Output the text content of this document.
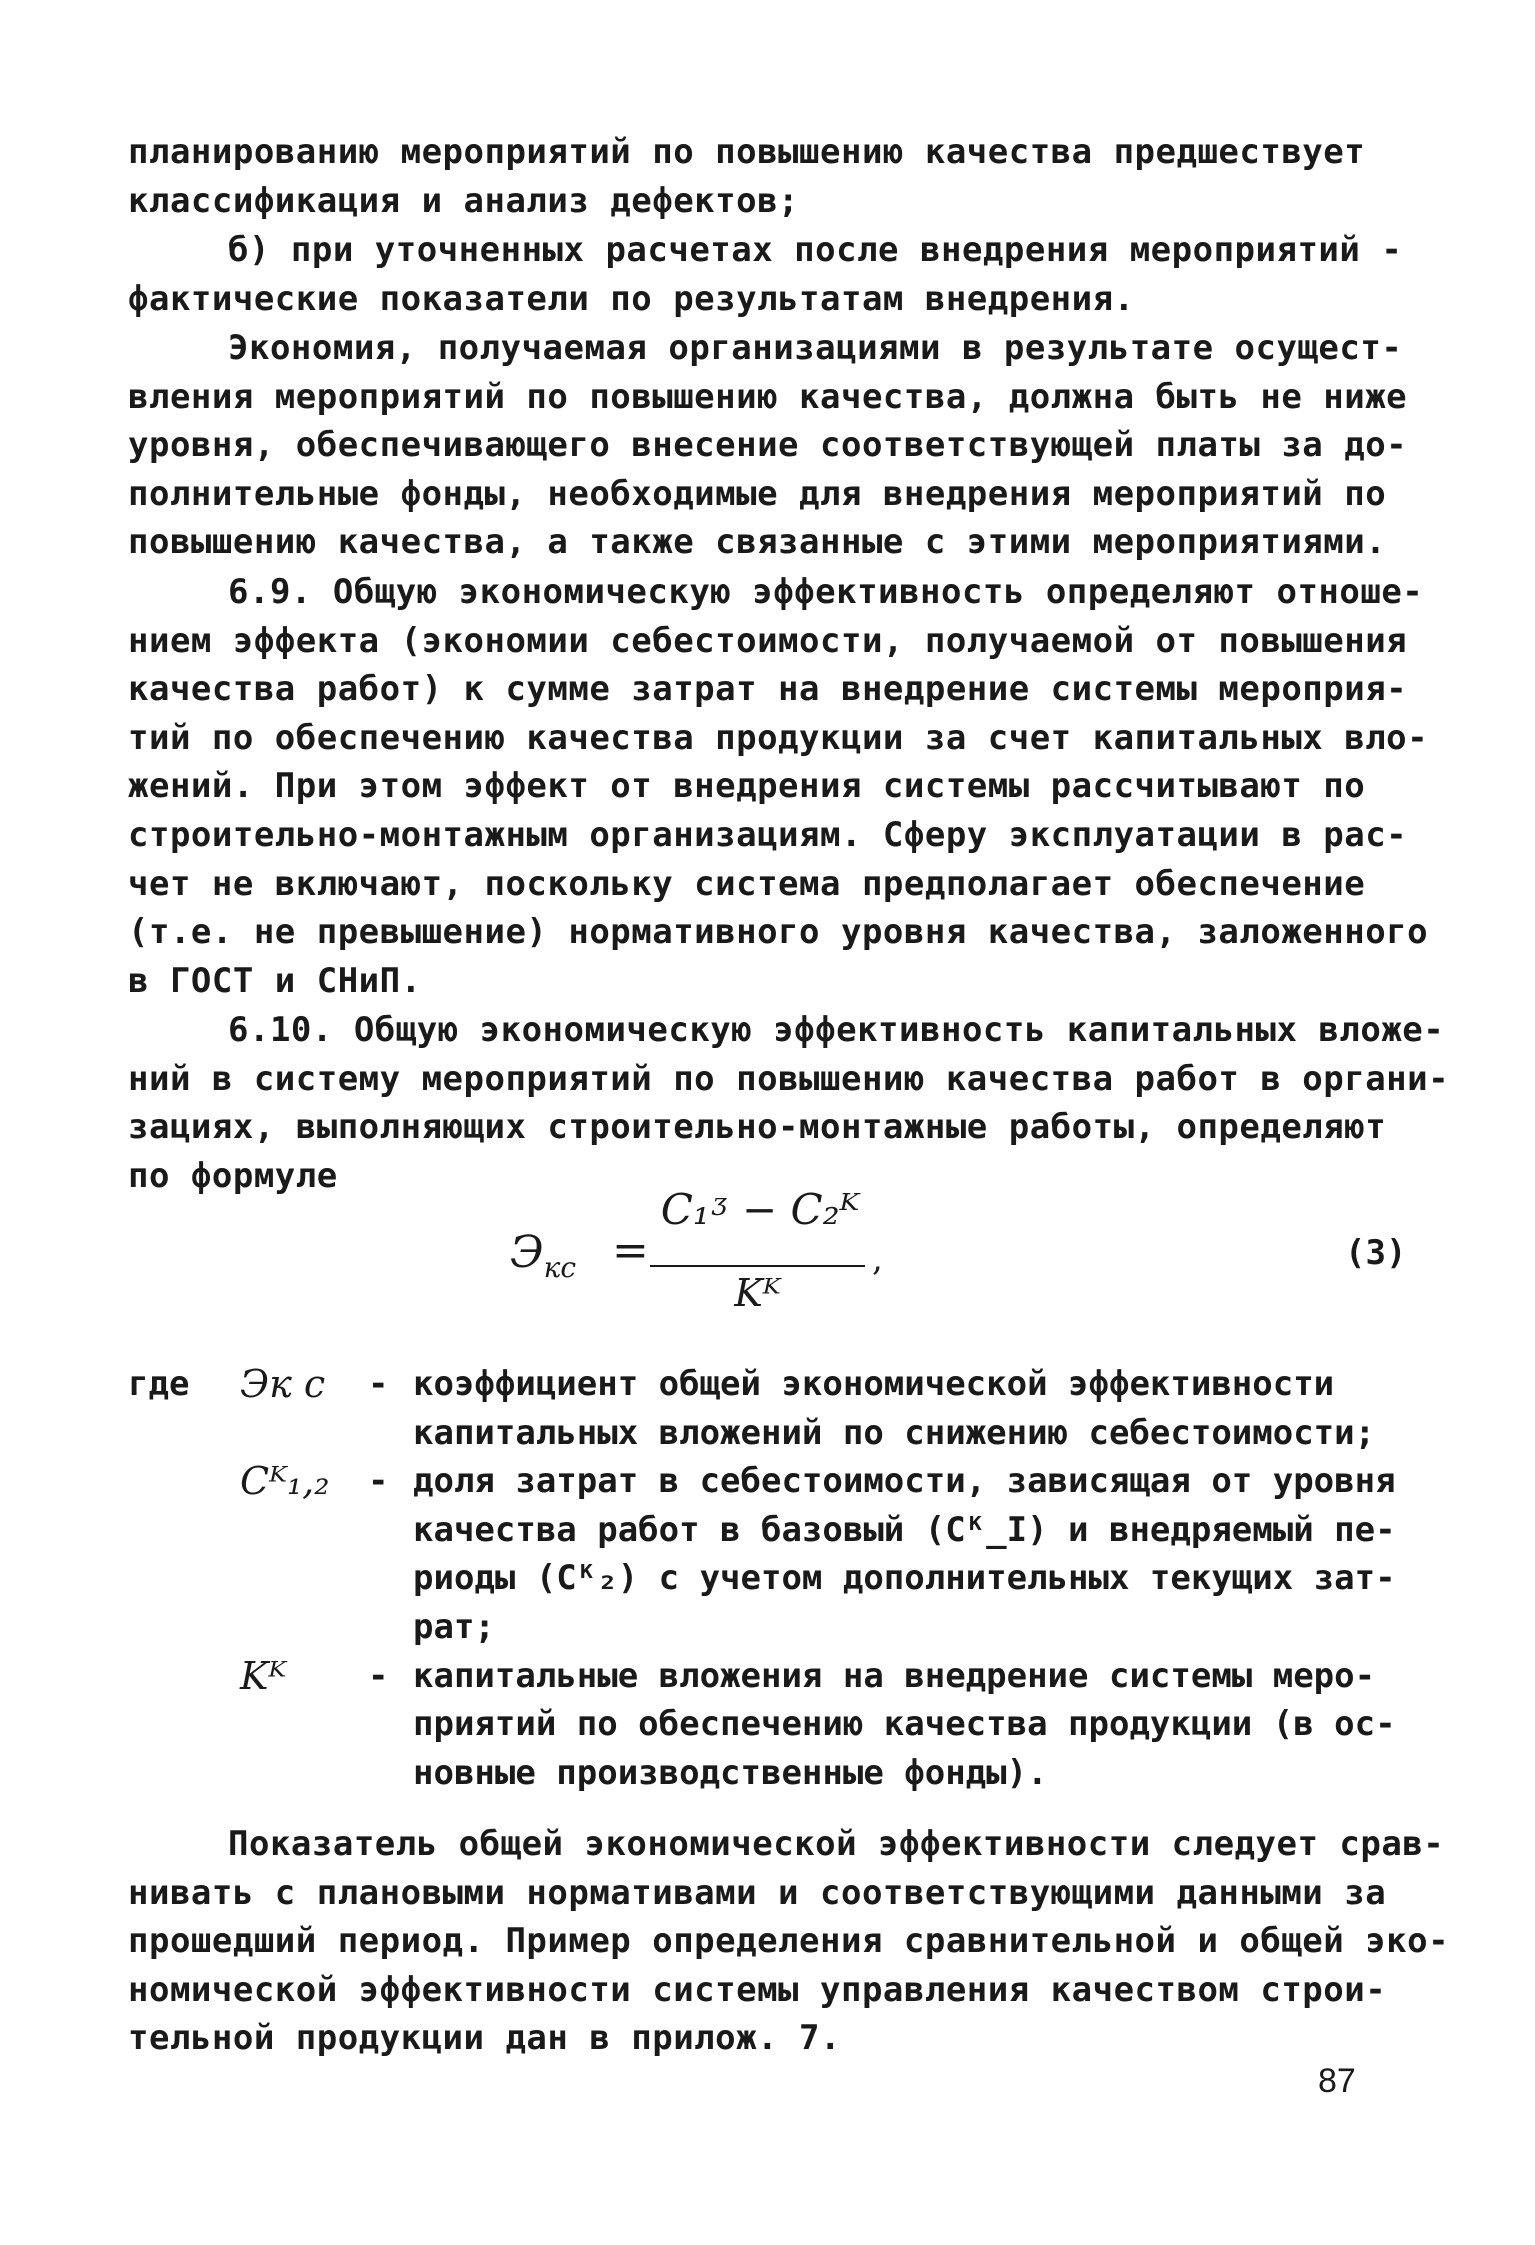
планированию мероприятий по повышению качества предшествует
классификация и анализ дефектов;
б) при уточненных расчетах после внедрения мероприятий -
фактические показатели по результатам внедрения.
Экономия, получаемая организациями в результате осущест-
вления мероприятий по повышению качества, должна быть не ниже
уровня, обеспечивающего внесение соответствующей платы за до-
полнительные фонды, необходимые для внедрения мероприятий по
повышению качества, а также связанные с этими мероприятиями.
6.9. Общую экономическую эффективность определяют отноше-
нием эффекта (экономии себестоимости, получаемой от повышения
качества работ) к сумме затрат на внедрение системы мероприя-
тий по обеспечению качества продукции за счет капитальных вло-
жений. При этом эффект от внедрения системы рассчитывают по
строительно-монтажным организациям. Сферу эксплуатации в рас-
чет не включают, поскольку система предполагает обеспечение
(т.е. не превышение) нормативного уровня качества, заложенного
в ГОСТ и СНиП.
6.10. Общую экономическую эффективность капитальных вложе-
ний в систему мероприятий по повышению качества работ в органи-
зациях, выполняющих строительно-монтажные работы, определяют
по формуле
$Э_{кс}$ =
C₁ᶾ − C₂ᴷ
Kᴷ
,	(3)
где Эк с - коэффициент общей экономической эффективности
капитальных вложений по снижению себестоимости;
Cᴷ₁,₂ - доля затрат в себестоимости, зависящая от уровня
качества работ в базовый (Cᴷ_I) и внедряемый пе-
риоды (Cᴷ₂) с учетом дополнительных текущих зат-
рат;
Kᴷ - капитальные вложения на внедрение системы меро-
приятий по обеспечению качества продукции (в ос-
новные производственные фонды).
Показатель общей экономической эффективности следует срав-
нивать с плановыми нормативами и соответствующими данными за
прошедший период. Пример определения сравнительной и общей эко-
номической эффективности системы управления качеством строи-
тельной продукции дан в прилож. 7.
87
